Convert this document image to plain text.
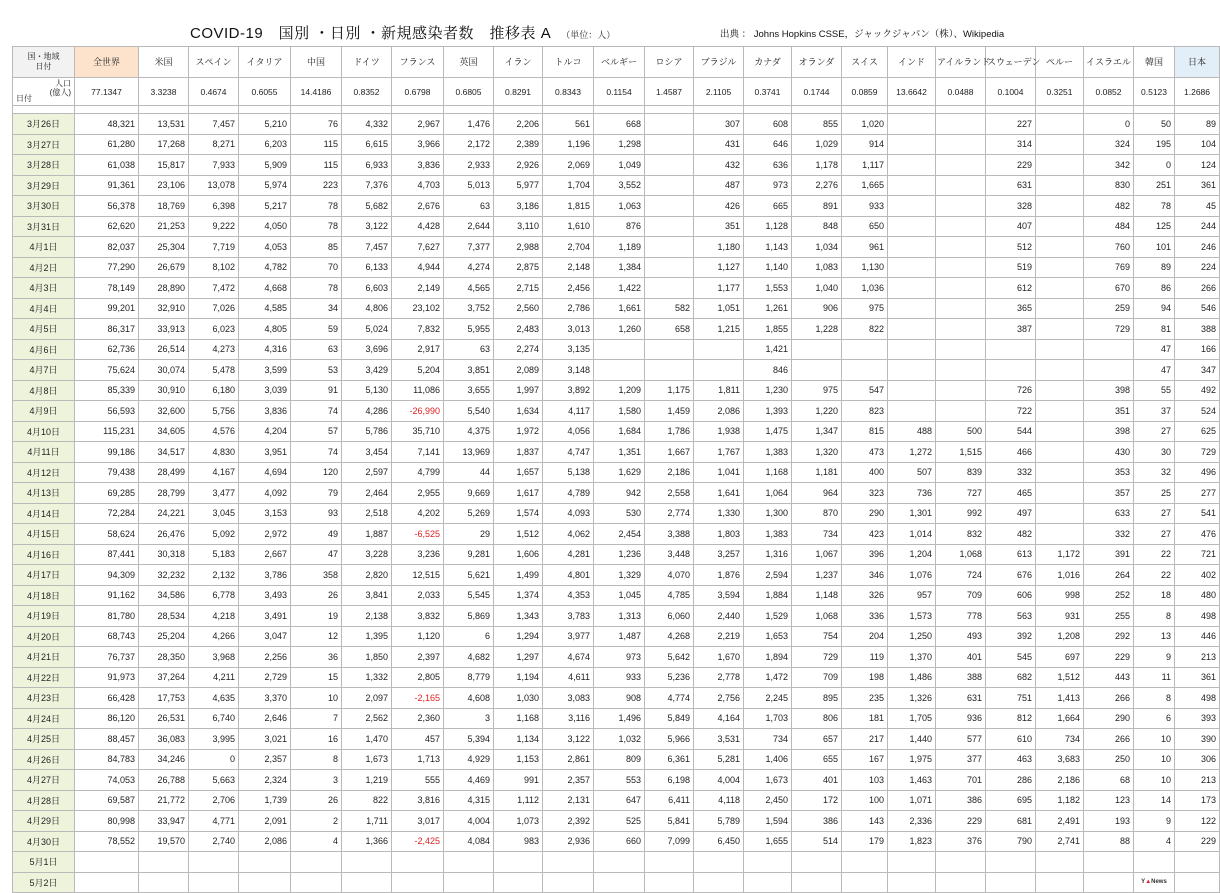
COVID-19　国別 ・日別 ・新規感染者数　推移表 A （単位：人）	出典 ： Johns Hopkins CSSE，ジャックジャパン（株）、Wikipedia
国・地域
日付	全世界	米国	スペイン	イタリア	中国	ドイツ	フランス	英国	イラン	トルコ	ベルギー	ロシア	ブラジル	カナダ	オランダ	スイス	インド	アイルランド	スウェーデン	ペルー	イスラエル	韓国	日本

人口
(億人)
日付	77.1347	3.3238	0.4674	0.6055	14.4186	0.8352	0.6798	0.6805	0.8291	0.8343	0.1154	1.4587	2.1105	0.3741	0.1744	0.0859	13.6642	0.0488	0.1004	0.3251	0.0852	0.5123	1.2686

3月26日	48,321	13,531	7,457	5,210	76	4,332	2,967	1,476	2,206	561	668		307	608	855	1,020			227		0	50	89
3月27日	61,280	17,268	8,271	6,203	115	6,615	3,966	2,172	2,389	1,196	1,298		431	646	1,029	914			314		324	195	104
3月28日	61,038	15,817	7,933	5,909	115	6,933	3,836	2,933	2,926	2,069	1,049		432	636	1,178	1,117			229		342	0	124
3月29日	91,361	23,106	13,078	5,974	223	7,376	4,703	5,013	5,977	1,704	3,552		487	973	2,276	1,665			631		830	251	361
3月30日	56,378	18,769	6,398	5,217	78	5,682	2,676	63	3,186	1,815	1,063		426	665	891	933			328		482	78	45
3月31日	62,620	21,253	9,222	4,050	78	3,122	4,428	2,644	3,110	1,610	876		351	1,128	848	650			407		484	125	244
4月1日	82,037	25,304	7,719	4,053	85	7,457	7,627	7,377	2,988	2,704	1,189		1,180	1,143	1,034	961			512		760	101	246
4月2日	77,290	26,679	8,102	4,782	70	6,133	4,944	4,274	2,875	2,148	1,384		1,127	1,140	1,083	1,130			519		769	89	224
4月3日	78,149	28,890	7,472	4,668	78	6,603	2,149	4,565	2,715	2,456	1,422		1,177	1,553	1,040	1,036			612		670	86	266
4月4日	99,201	32,910	7,026	4,585	34	4,806	23,102	3,752	2,560	2,786	1,661	582	1,051	1,261	906	975			365		259	94	546
4月5日	86,317	33,913	6,023	4,805	59	5,024	7,832	5,955	2,483	3,013	1,260	658	1,215	1,855	1,228	822			387		729	81	388
4月6日	62,736	26,514	4,273	4,316	63	3,696	2,917	63	2,274	3,135				1,421								47	166
4月7日	75,624	30,074	5,478	3,599	53	3,429	5,204	3,851	2,089	3,148				846								47	347
4月8日	85,339	30,910	6,180	3,039	91	5,130	11,086	3,655	1,997	3,892	1,209	1,175	1,811	1,230	975	547			726		398	55	492
4月9日	56,593	32,600	5,756	3,836	74	4,286	-26,990	5,540	1,634	4,117	1,580	1,459	2,086	1,393	1,220	823			722		351	37	524
4月10日	115,231	34,605	4,576	4,204	57	5,786	35,710	4,375	1,972	4,056	1,684	1,786	1,938	1,475	1,347	815	488	500	544		398	27	625
4月11日	99,186	34,517	4,830	3,951	74	3,454	7,141	13,969	1,837	4,747	1,351	1,667	1,767	1,383	1,320	473	1,272	1,515	466		430	30	729
4月12日	79,438	28,499	4,167	4,694	120	2,597	4,799	44	1,657	5,138	1,629	2,186	1,041	1,168	1,181	400	507	839	332		353	32	496
4月13日	69,285	28,799	3,477	4,092	79	2,464	2,955	9,669	1,617	4,789	942	2,558	1,641	1,064	964	323	736	727	465		357	25	277
4月14日	72,284	24,221	3,045	3,153	93	2,518	4,202	5,269	1,574	4,093	530	2,774	1,330	1,300	870	290	1,301	992	497		633	27	541
4月15日	58,624	26,476	5,092	2,972	49	1,887	-6,525	29	1,512	4,062	2,454	3,388	1,803	1,383	734	423	1,014	832	482		332	27	476
4月16日	87,441	30,318	5,183	2,667	47	3,228	3,236	9,281	1,606	4,281	1,236	3,448	3,257	1,316	1,067	396	1,204	1,068	613	1,172	391	22	721
4月17日	94,309	32,232	2,132	3,786	358	2,820	12,515	5,621	1,499	4,801	1,329	4,070	1,876	2,594	1,237	346	1,076	724	676	1,016	264	22	402
4月18日	91,162	34,586	6,778	3,493	26	3,841	2,033	5,545	1,374	4,353	1,045	4,785	3,594	1,884	1,148	326	957	709	606	998	252	18	480
4月19日	81,780	28,534	4,218	3,491	19	2,138	3,832	5,869	1,343	3,783	1,313	6,060	2,440	1,529	1,068	336	1,573	778	563	931	255	8	498
4月20日	68,743	25,204	4,266	3,047	12	1,395	1,120	6	1,294	3,977	1,487	4,268	2,219	1,653	754	204	1,250	493	392	1,208	292	13	446
4月21日	76,737	28,350	3,968	2,256	36	1,850	2,397	4,682	1,297	4,674	973	5,642	1,670	1,894	729	119	1,370	401	545	697	229	9	213
4月22日	91,973	37,264	4,211	2,729	15	1,332	2,805	8,779	1,194	4,611	933	5,236	2,778	1,472	709	198	1,486	388	682	1,512	443	11	361
4月23日	66,428	17,753	4,635	3,370	10	2,097	-2,165	4,608	1,030	3,083	908	4,774	2,756	2,245	895	235	1,326	631	751	1,413	266	8	498
4月24日	86,120	26,531	6,740	2,646	7	2,562	2,360	3	1,168	3,116	1,496	5,849	4,164	1,703	806	181	1,705	936	812	1,664	290	6	393
4月25日	88,457	36,083	3,995	3,021	16	1,470	457	5,394	1,134	3,122	1,032	5,966	3,531	734	657	217	1,440	577	610	734	266	10	390
4月26日	84,783	34,246	0	2,357	8	1,673	1,713	4,929	1,153	2,861	809	6,361	5,281	1,406	655	167	1,975	377	463	3,683	250	10	306
4月27日	74,053	26,788	5,663	2,324	3	1,219	555	4,469	991	2,357	553	6,198	4,004	1,673	401	103	1,463	701	286	2,186	68	10	213
4月28日	69,587	21,772	2,706	1,739	26	822	3,816	4,315	1,112	2,131	647	6,411	4,118	2,450	172	100	1,071	386	695	1,182	123	14	173
4月29日	80,998	33,947	4,771	2,091	2	1,711	3,017	4,004	1,073	2,392	525	5,841	5,789	1,594	386	143	2,336	229	681	2,491	193	9	122
4月30日	78,552	19,570	2,740	2,086	4	1,366	-2,425	4,084	983	2,936	660	7,099	6,450	1,655	514	179	1,823	376	790	2,741	88	4	229
5月1日																							
5月2日																						Y▲News	
